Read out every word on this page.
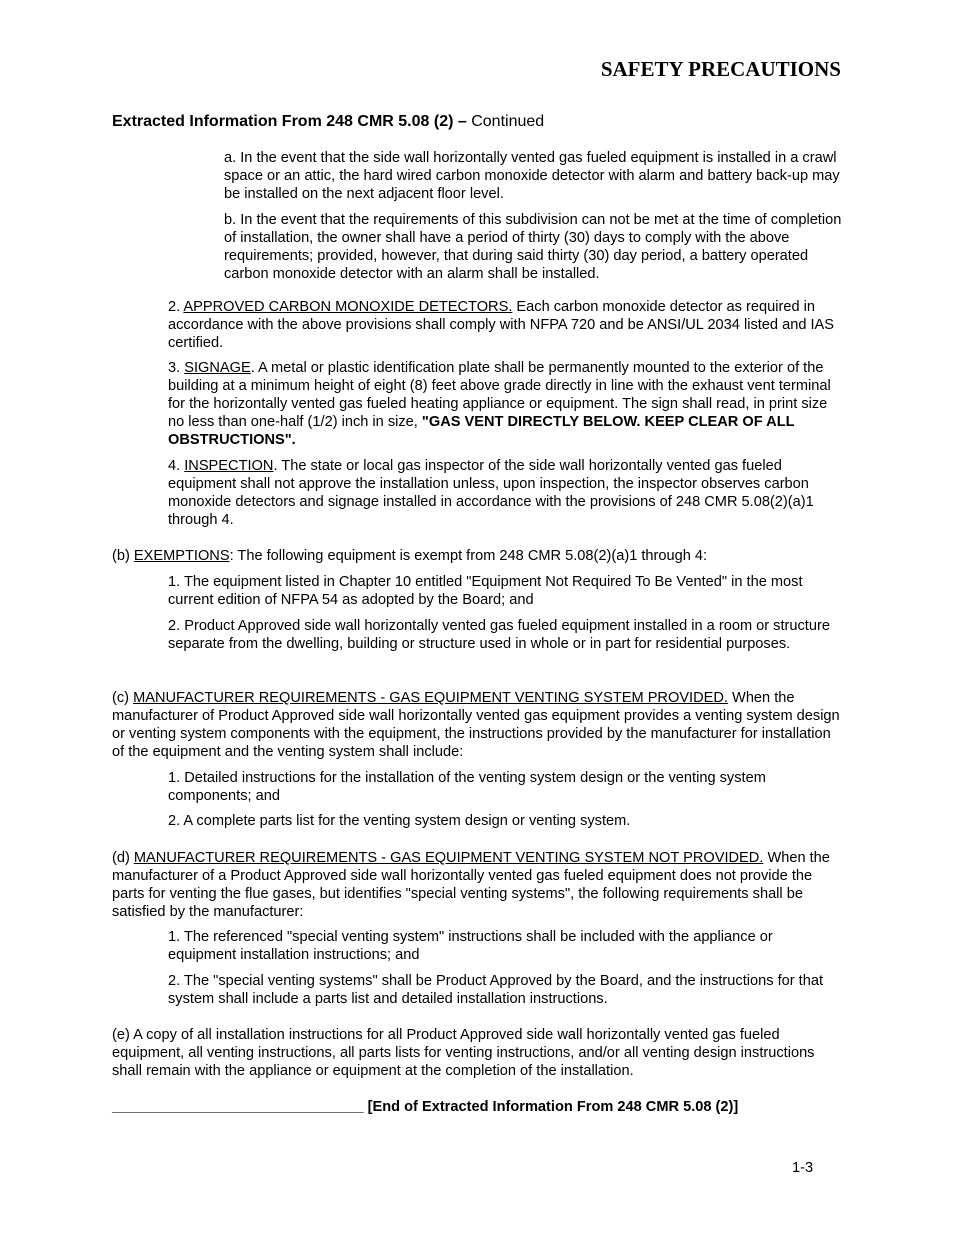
SAFETY PRECAUTIONS
Extracted Information From 248 CMR 5.08 (2) – Continued

a. In the event that the side wall horizontally vented gas fueled equipment is installed in a crawl space or an attic, the hard wired carbon monoxide detector with alarm and battery back-up may be installed on the next adjacent floor level.

b. In the event that the requirements of this subdivision can not be met at the time of completion of installation, the owner shall have a period of thirty (30) days to comply with the above requirements; provided, however, that during said thirty (30) day period, a battery operated carbon monoxide detector with an alarm shall be installed.

2. APPROVED CARBON MONOXIDE DETECTORS. Each carbon monoxide detector as required in accordance with the above provisions shall comply with NFPA 720 and be ANSI/UL 2034 listed and IAS certified.

3. SIGNAGE. A metal or plastic identification plate shall be permanently mounted to the exterior of the building at a minimum height of eight (8) feet above grade directly in line with the exhaust vent terminal for the horizontally vented gas fueled heating appliance or equipment. The sign shall read, in print size no less than one-half (1/2) inch in size, "GAS VENT DIRECTLY BELOW. KEEP CLEAR OF ALL OBSTRUCTIONS".

4. INSPECTION. The state or local gas inspector of the side wall horizontally vented gas fueled equipment shall not approve the installation unless, upon inspection, the inspector observes carbon monoxide detectors and signage installed in accordance with the provisions of 248 CMR 5.08(2)(a)1 through 4.

(b) EXEMPTIONS: The following equipment is exempt from 248 CMR 5.08(2)(a)1 through 4:

1. The equipment listed in Chapter 10 entitled "Equipment Not Required To Be Vented" in the most current edition of NFPA 54 as adopted by the Board; and

2. Product Approved side wall horizontally vented gas fueled equipment installed in a room or structure separate from the dwelling, building or structure used in whole or in part for residential purposes.

(c) MANUFACTURER REQUIREMENTS - GAS EQUIPMENT VENTING SYSTEM PROVIDED. When the manufacturer of Product Approved side wall horizontally vented gas equipment provides a venting system design or venting system components with the equipment, the instructions provided by the manufacturer for installation of the equipment and the venting system shall include:

1. Detailed instructions for the installation of the venting system design or the venting system components; and

2. A complete parts list for the venting system design or venting system.

(d) MANUFACTURER REQUIREMENTS - GAS EQUIPMENT VENTING SYSTEM NOT PROVIDED. When the manufacturer of a Product Approved side wall horizontally vented gas fueled equipment does not provide the parts for venting the flue gases, but identifies "special venting systems", the following requirements shall be satisfied by the manufacturer:

1. The referenced "special venting system" instructions shall be included with the appliance or equipment installation instructions; and

2. The "special venting systems" shall be Product Approved by the Board, and the instructions for that system shall include a parts list and detailed installation instructions.

(e) A copy of all installation instructions for all Product Approved side wall horizontally vented gas fueled equipment, all venting instructions, all parts lists for venting instructions, and/or all venting design instructions shall remain with the appliance or equipment at the completion of the installation.

_______________________________ [End of Extracted Information From 248 CMR 5.08 (2)]
1-3
